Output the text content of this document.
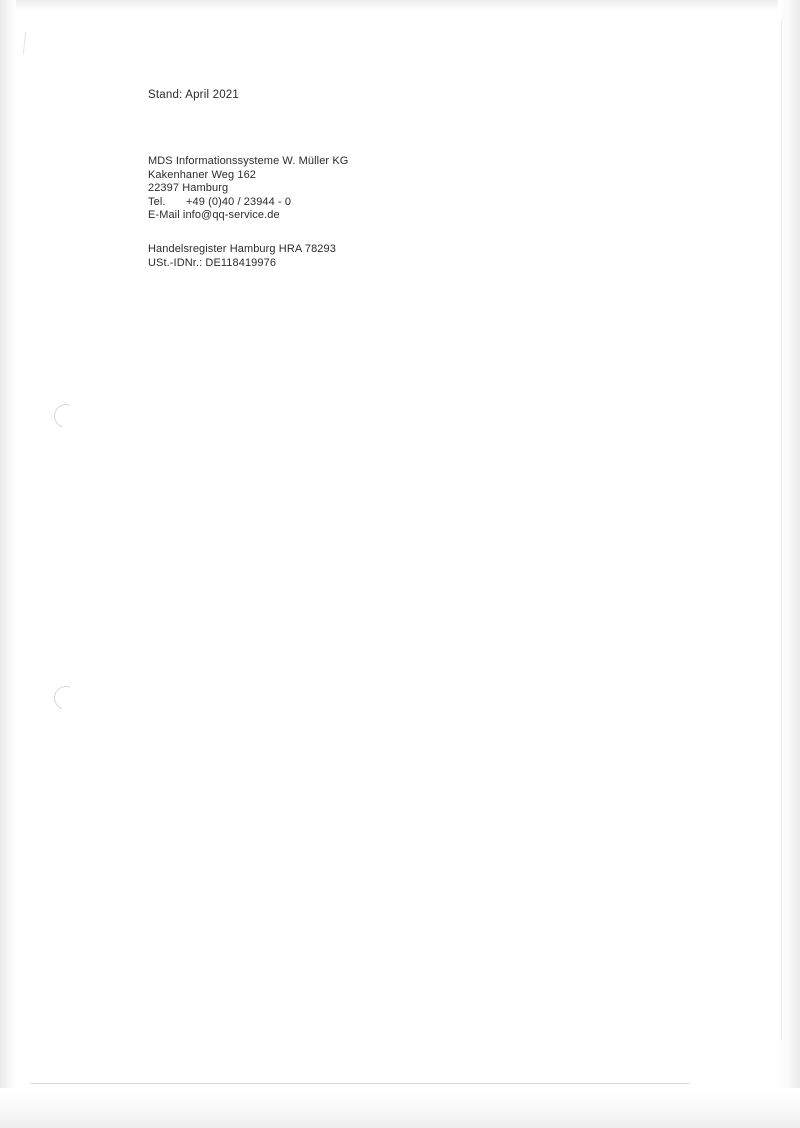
Stand: April 2021
MDS Informationssysteme W. Müller KG
Kakenhaner Weg 162
22397 Hamburg
Tel. +49 (0)40 / 23944 - 0
E-Mail info@qq-service.de
Handelsregister Hamburg HRA 78293
USt.-IDNr.: DE118419976
